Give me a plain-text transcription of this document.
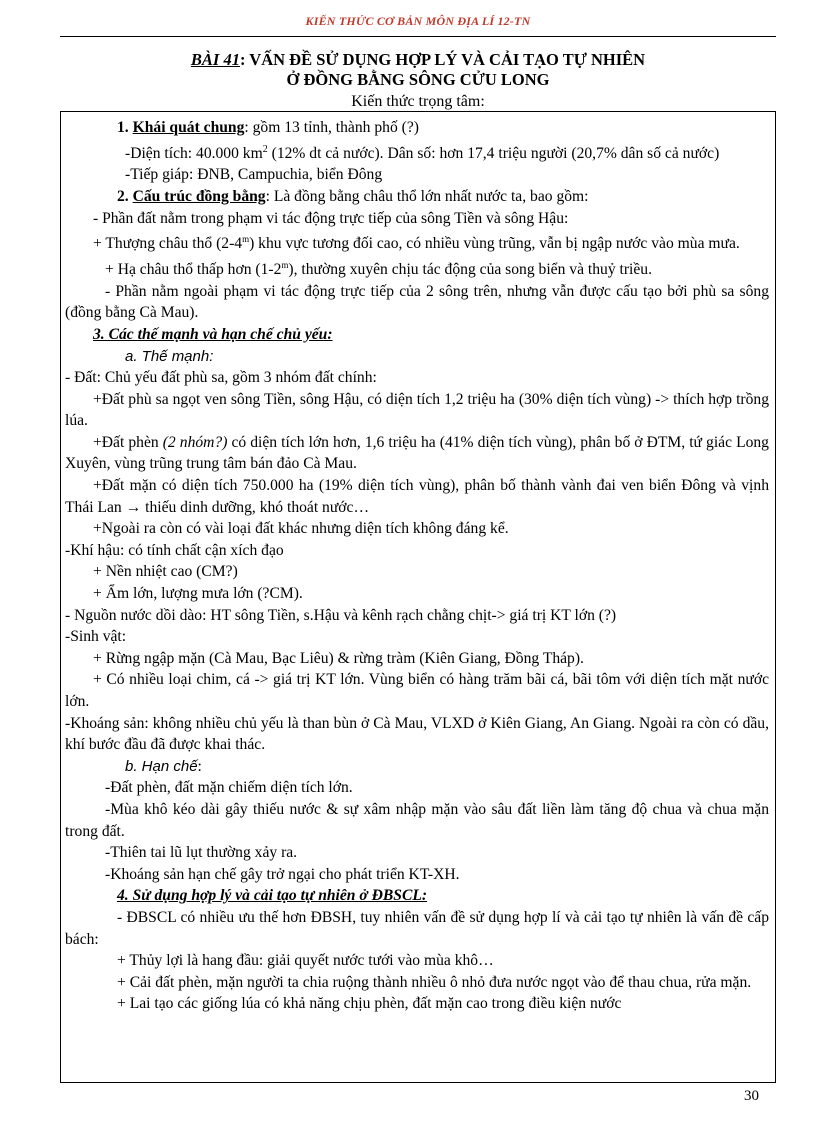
KIẾN THỨC CƠ BẢN MÔN ĐỊA LÍ 12-TN
BÀI 41: VẤN ĐỀ SỬ DỤNG HỢP LÝ VÀ CẢI TẠO TỰ NHIÊN
Ở ĐỒNG BẰNG SÔNG CỬU LONG
Kiến thức trọng tâm:

1. Khái quát chung: gồm 13 tỉnh, thành phố (?)

-Diện tích: 40.000 $km^2$ (12% dt cả nước). Dân số: hơn 17,4 triệu người (20,7% dân số cả nước)

-Tiếp giáp: ĐNB, Campuchia, biển Đông

2. Cấu trúc đồng bằng: Là đồng bằng châu thổ lớn nhất nước ta, bao gồm:

- Phần đất nằm trong phạm vi tác động trực tiếp của sông Tiền và sông Hậu:

+ Thượng châu thổ (2-4$^m$) khu vực tương đối cao, có nhiều vùng trũng, vẫn bị ngập nước vào mùa mưa.

+ Hạ châu thổ thấp hơn (1-2$^m$), thường xuyên chịu tác động của song biển và thuỷ triều.

- Phần nằm ngoài phạm vi tác động trực tiếp của 2 sông trên, nhưng vẫn được cấu tạo bởi phù sa sông (đồng bằng Cà Mau).

3. Các thế mạnh và hạn chế chủ yếu:

a. Thế mạnh:

- Đất: Chủ yếu đất phù sa, gồm 3 nhóm đất chính:

+Đất phù sa ngọt ven sông Tiền, sông Hậu, có diện tích 1,2 triệu ha (30% diện tích vùng) -> thích hợp trồng lúa.

+Đất phèn (2 nhóm?) có diện tích lớn hơn, 1,6 triệu ha (41% diện tích vùng), phân bố ở ĐTM, tứ giác Long Xuyên, vùng trũng trung tâm bán đảo Cà Mau.

+Đất mặn có diện tích 750.000 ha (19% diện tích vùng), phân bố thành vành đai ven biển Đông và vịnh Thái Lan → thiếu dinh dưỡng, khó thoát nước…

+Ngoài ra còn có vài loại đất khác nhưng diện tích không đáng kể.

-Khí hậu: có tính chất cận xích đạo

+ Nền nhiệt cao (CM?)

+ Ẩm lớn, lượng mưa lớn (?CM).

- Nguồn nước dồi dào: HT sông Tiền, s.Hậu và kênh rạch chằng chịt-> giá trị KT lớn (?)

-Sinh vật:

+ Rừng ngập mặn (Cà Mau, Bạc Liêu) & rừng tràm (Kiên Giang, Đồng Tháp).

+ Có nhiều loại chim, cá -> giá trị KT lớn. Vùng biển có hàng trăm bãi cá, bãi tôm với diện tích mặt nước lớn.

-Khoáng sản: không nhiều chủ yếu là than bùn ở Cà Mau, VLXD ở Kiên Giang, An Giang. Ngoài ra còn có dầu, khí bước đầu đã được khai thác.

b. Hạn chế:

-Đất phèn, đất mặn chiếm diện tích lớn.

-Mùa khô kéo dài gây thiếu nước & sự xâm nhập mặn vào sâu đất liền làm tăng độ chua và chua mặn trong đất.

-Thiên tai lũ lụt thường xảy ra.

-Khoáng sản hạn chế gây trở ngại cho phát triển KT-XH.

4. Sử dụng hợp lý và cải tạo tự nhiên ở ĐBSCL:

- ĐBSCL có nhiều ưu thế hơn ĐBSH, tuy nhiên vấn đề sử dụng hợp lí và cải tạo tự nhiên là vấn đề cấp bách:

+ Thủy lợi là hang đầu: giải quyết nước tưới vào mùa khô…

+ Cải đất phèn, mặn người ta chia ruộng thành nhiều ô nhỏ đưa nước ngọt vào để thau chua, rửa mặn.

+ Lai tạo các giống lúa có khả năng chịu phèn, đất mặn cao trong điều kiện nước

30
